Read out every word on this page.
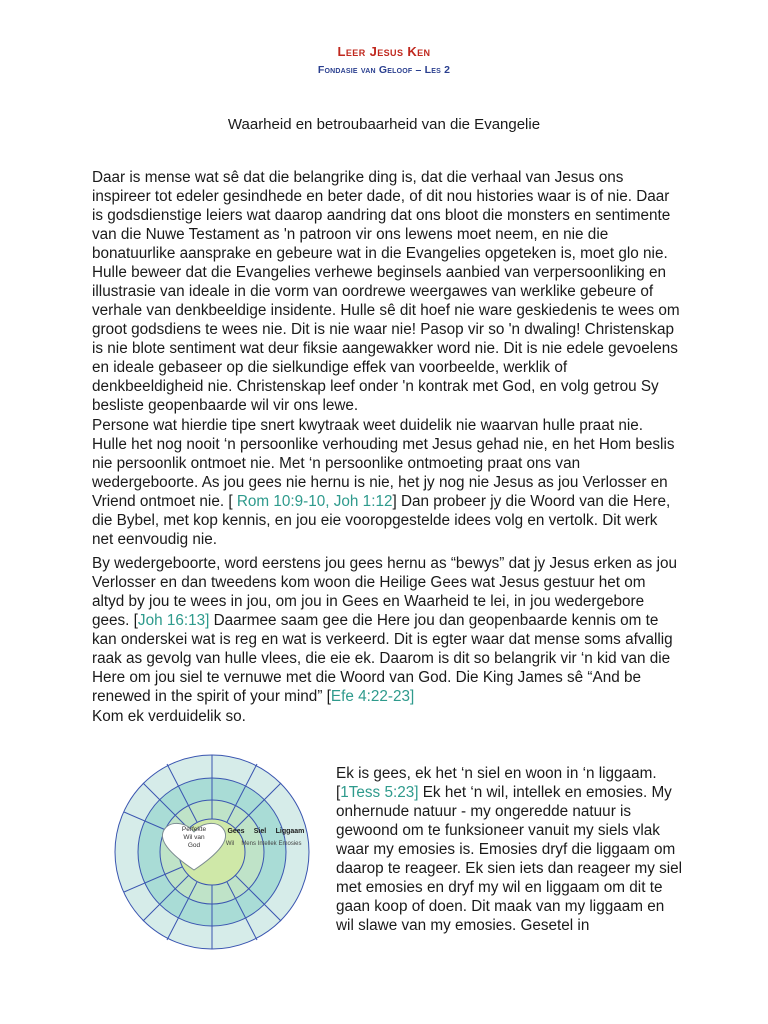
Leer Jesus Ken
Fondasie van Geloof – Les 2
Waarheid en betroubaarheid van die Evangelie
Daar is mense wat sê dat die belangrike ding is, dat die verhaal van Jesus ons inspireer tot edeler gesindhede en beter dade, of dit nou histories waar is of nie. Daar is godsdienstige leiers wat daarop aandring dat ons bloot die monsters en sentimente van die Nuwe Testament as 'n patroon vir ons lewens moet neem, en nie die bonatuurlike aansprake en gebeure wat in die Evangelies opgeteken is, moet glo nie. Hulle beweer dat die Evangelies verhewe beginsels aanbied van verpersoonliking en illustrasie van ideale in die vorm van oordrewe weergawes van werklike gebeure of verhale van denkbeeldige insidente. Hulle sê dit hoef nie ware geskiedenis te wees om groot godsdiens te wees nie. Dit is nie waar nie! Pasop vir so 'n dwaling! Christenskap is nie blote sentiment wat deur fiksie aangewakker word nie. Dit is nie edele gevoelens en ideale gebaseer op die sielkundige effek van voorbeelde, werklik of denkbeeldigheid nie. Christenskap leef onder 'n kontrak met God, en volg getrou Sy besliste geopenbaarde wil vir ons lewe.
Persone wat hierdie tipe snert kwytraak weet duidelik nie waarvan hulle praat nie. Hulle het nog nooit ‘n persoonlike verhouding met Jesus gehad nie, en het Hom beslis nie persoonlik ontmoet nie. Met ‘n persoonlike ontmoeting praat ons van wedergeboorte. As jou gees nie hernu is nie, het jy nog nie Jesus as jou Verlosser en Vriend ontmoet nie. [ Rom 10:9-10, Joh 1:12] Dan probeer jy die Woord van die Here, die Bybel, met kop kennis, en jou eie vooropgestelde idees volg en vertolk. Dit werk net eenvoudig nie.
By wedergeboorte, word eerstens jou gees hernu as “bewys” dat jy Jesus erken as jou Verlosser en dan tweedens kom woon die Heilige Gees wat Jesus gestuur het om altyd by jou te wees in jou, om jou in Gees en Waarheid te lei, in jou wedergebore gees. [Joh 16:13] Daarmee saam gee die Here jou dan geopenbaarde kennis om te kan onderskei wat is reg en wat is verkeerd. Dit is egter waar dat mense soms afvallig raak as gevolg van hulle vlees, die eie ek. Daarom is dit so belangrik vir ‘n kid van die Here om jou siel te vernuwe met die Woord van God. Die King James sê “And be renewed in the spirit of your mind” [Efe 4:22-23]
Kom ek verduidelik so.
Perfekte
Wil van
God
Gees Siel Liggaam
Wil Mens Intellek Emosies
Ek is gees, ek het ‘n siel en woon in ‘n liggaam. [1Tess 5:23] Ek het ‘n wil, intellek en emosies. My onhernude natuur - my ongeredde natuur is gewoond om te funksioneer vanuit my siels vlak waar my emosies is. Emosies dryf die liggaam om daarop te reageer. Ek sien iets dan reageer my siel met emosies en dryf my wil en liggaam om dit te gaan koop of doen. Dit maak van my liggaam en wil slawe van my emosies. Gesetel in
